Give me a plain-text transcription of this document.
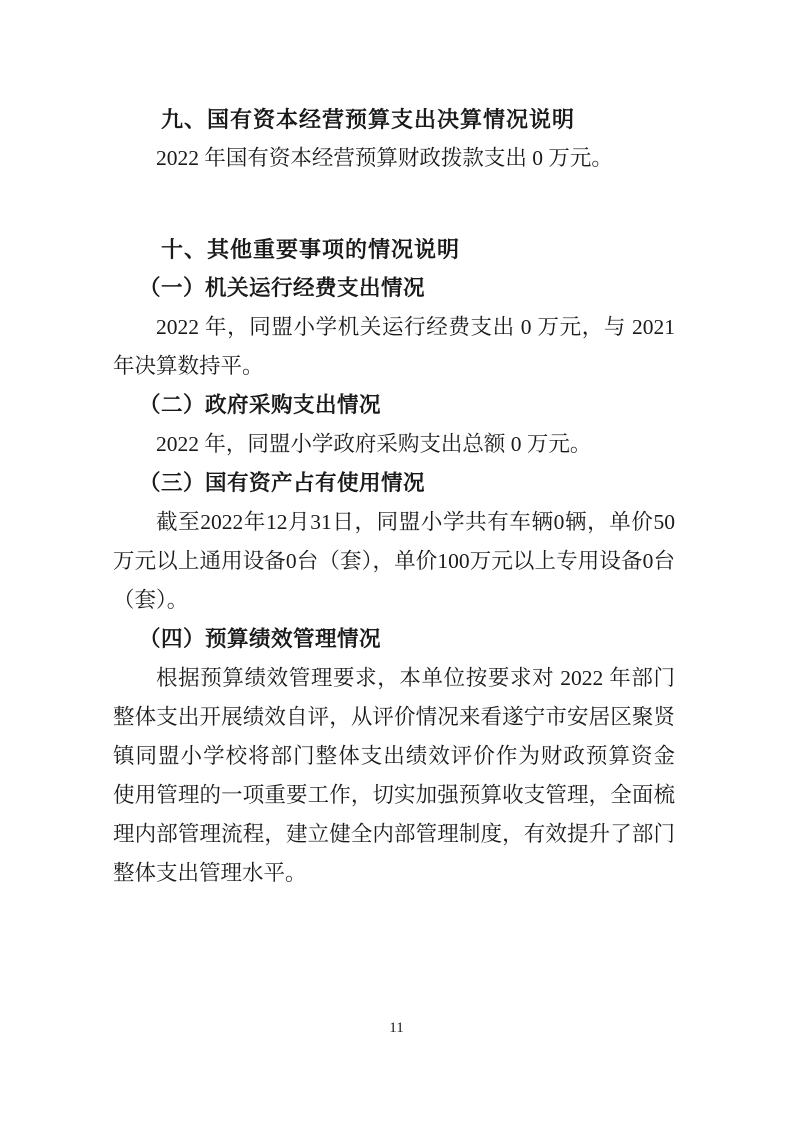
九、国有资本经营预算支出决算情况说明

2022 年国有资本经营预算财政拨款支出 0 万元。

十、其他重要事项的情况说明

（一）机关运行经费支出情况

2022 年，同盟小学机关运行经费支出 0 万元，与 2021

年决算数持平。

（二）政府采购支出情况

2022 年，同盟小学政府采购支出总额 0 万元。

（三）国有资产占有使用情况

截至2022年12月31日，同盟小学共有车辆0辆，单价50

万元以上通用设备0台（套），单价100万元以上专用设备0台

（套）。

（四）预算绩效管理情况

根据预算绩效管理要求，本单位按要求对 2022 年部门

整体支出开展绩效自评，从评价情况来看遂宁市安居区聚贤

镇同盟小学校将部门整体支出绩效评价作为财政预算资金

使用管理的一项重要工作，切实加强预算收支管理，全面梳

理内部管理流程，建立健全内部管理制度，有效提升了部门

整体支出管理水平。

11
